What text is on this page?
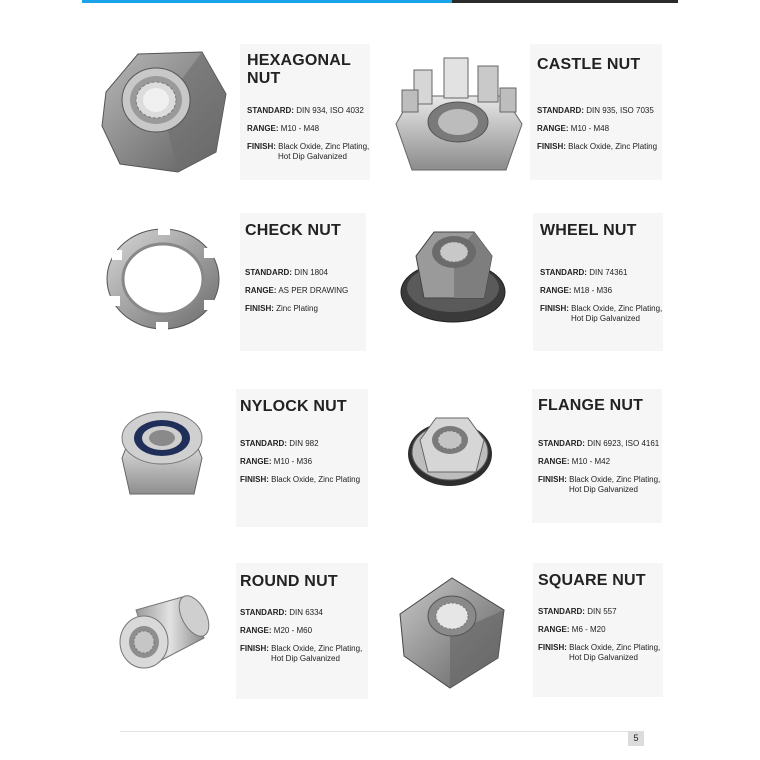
HEXAGONAL
NUT
STANDARD: DIN 934, ISO 4032
RANGE: M10 - M48
FINISH: Black Oxide, Zinc Plating,
Hot Dip Galvanized
CASTLE NUT
STANDARD: DIN 935, ISO 7035
RANGE: M10 - M48
FINISH: Black Oxide, Zinc Plating
CHECK NUT
STANDARD: DIN 1804
RANGE: AS PER DRAWING
FINISH: Zinc Plating
WHEEL NUT
STANDARD: DIN 74361
RANGE: M18 - M36
FINISH: Black Oxide, Zinc Plating,
Hot Dip Galvanized
NYLOCK NUT
STANDARD: DIN 982
RANGE: M10 - M36
FINISH: Black Oxide, Zinc Plating
FLANGE NUT
STANDARD: DIN 6923, ISO 4161
RANGE: M10 - M42
FINISH: Black Oxide, Zinc Plating,
Hot Dip Galvanized
ROUND NUT
STANDARD: DIN 6334
RANGE: M20 - M60
FINISH: Black Oxide, Zinc Plating,
Hot Dip Galvanized
SQUARE NUT
STANDARD: DIN 557
RANGE: M6 - M20
FINISH: Black Oxide, Zinc Plating,
Hot Dip Galvanized
5
